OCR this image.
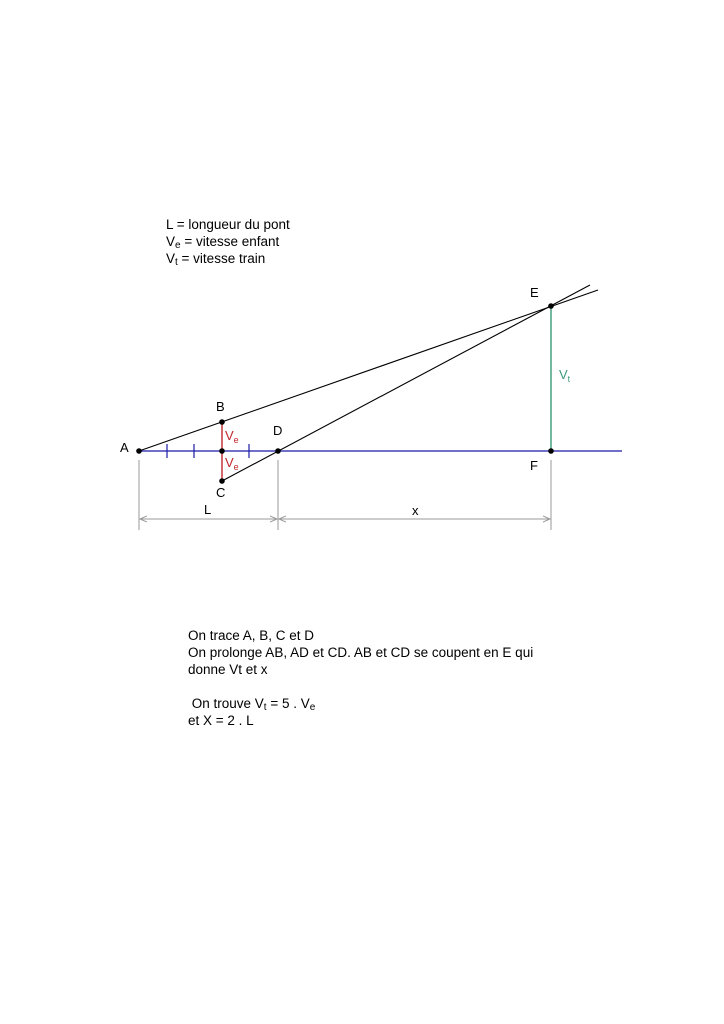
L = longueur du pont
$V_e$ = vitesse enfant
$V_t$ = vitesse train
A
B
C
D
E
F
$V_e$
$V_e$
$V_t$
L	x
On trace A, B, C et D
On prolonge AB, AD et CD. AB et CD se coupent en E qui
donne Vt et x
On trouve $V_t = 5$ . $V_e$
et X = 2 . L
